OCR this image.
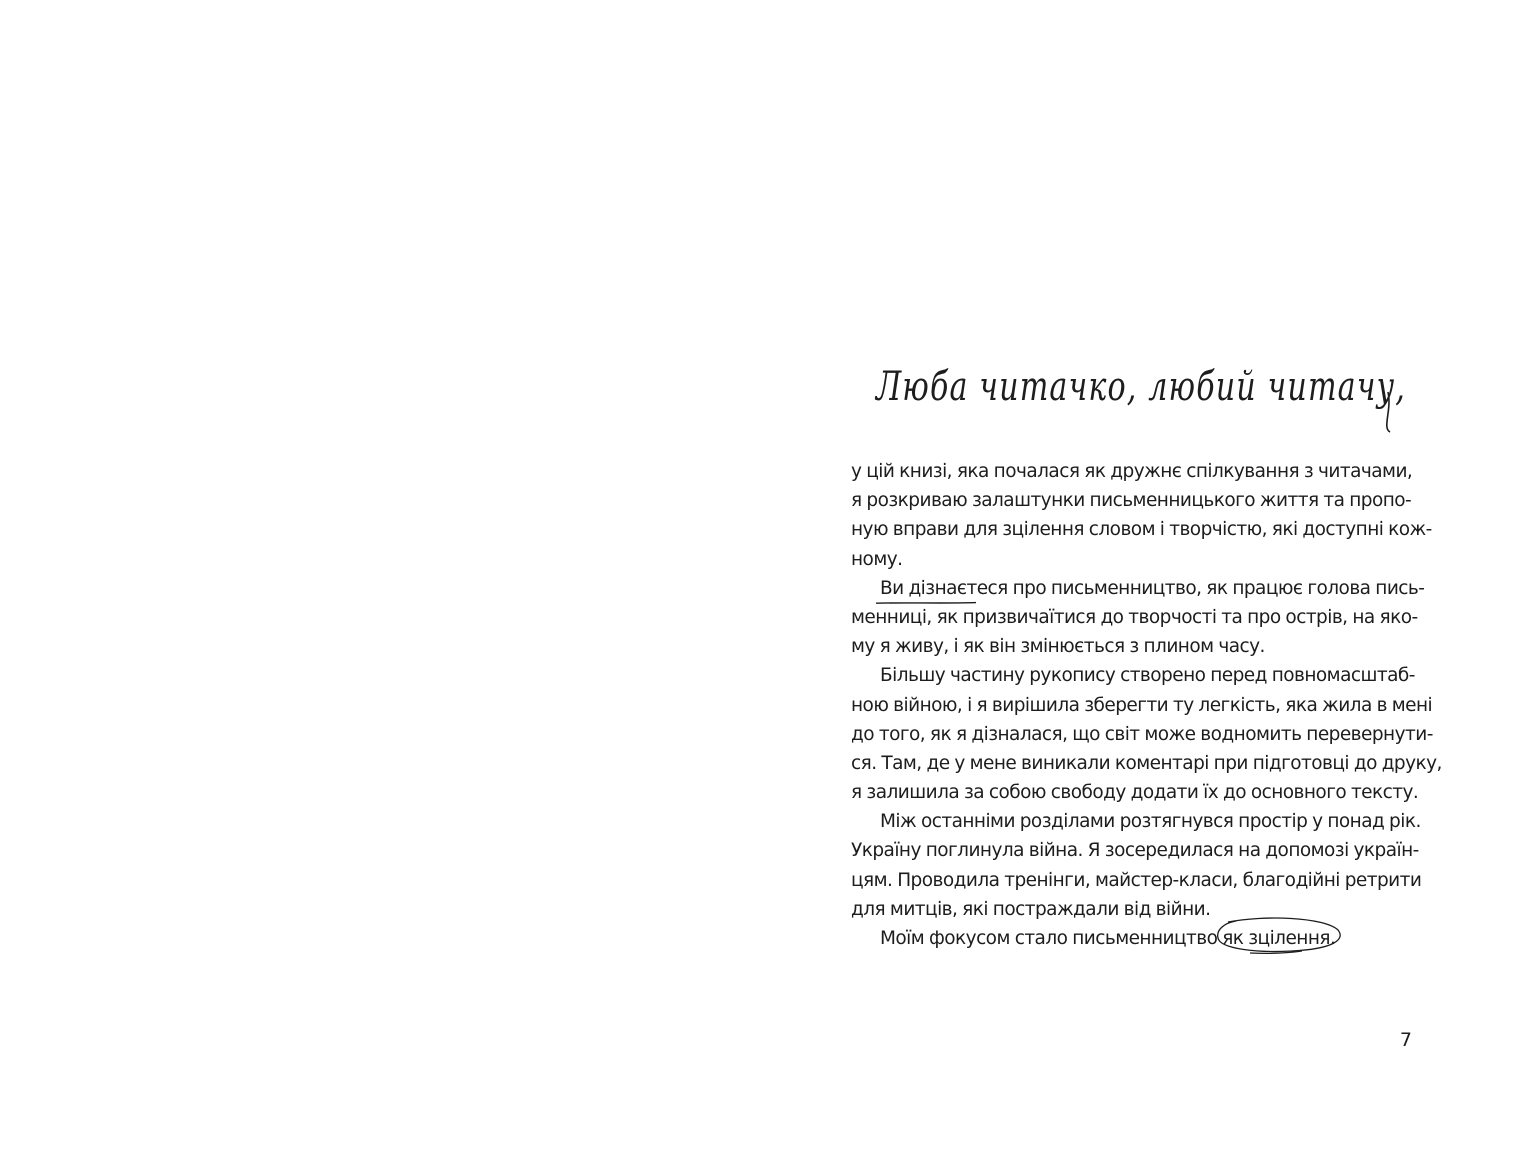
Люба читачко, любий читачу,
у цій книзі, яка почалася як дружнє спілкування з читачами,
я розкриваю залаштунки письменницького життя та пропо-
ную вправи для зцілення словом і творчістю, які доступні кож-
ному.
Ви дізнаєтеся про письменництво, як
працює голова пись-
менниці, як призвичаїтися до творчості та про острів, на яко-
му я живу, і як він змінюється з плином часу.
Більшу частину рукопису створено перед повномасштаб-
ною війною, і я вирішила зберегти ту легкість, яка жила в мені
до того, як я дізналася, що світ може водномить перевернути-
ся. Там, де у мене виникали коментарі при підготовці до друку,
я залишила за собою свободу додати їх до основного тексту.
Між останніми розділами розтягнувся простір у понад рік.
Україну поглинула війна. Я зосередилася на допомозі україн-
цям. Проводила тренінги, майстер-класи, благодійні ретрити
для митців, які постраждали від війни.
Моїм фокусом стало письменництво як зцілення.
7
